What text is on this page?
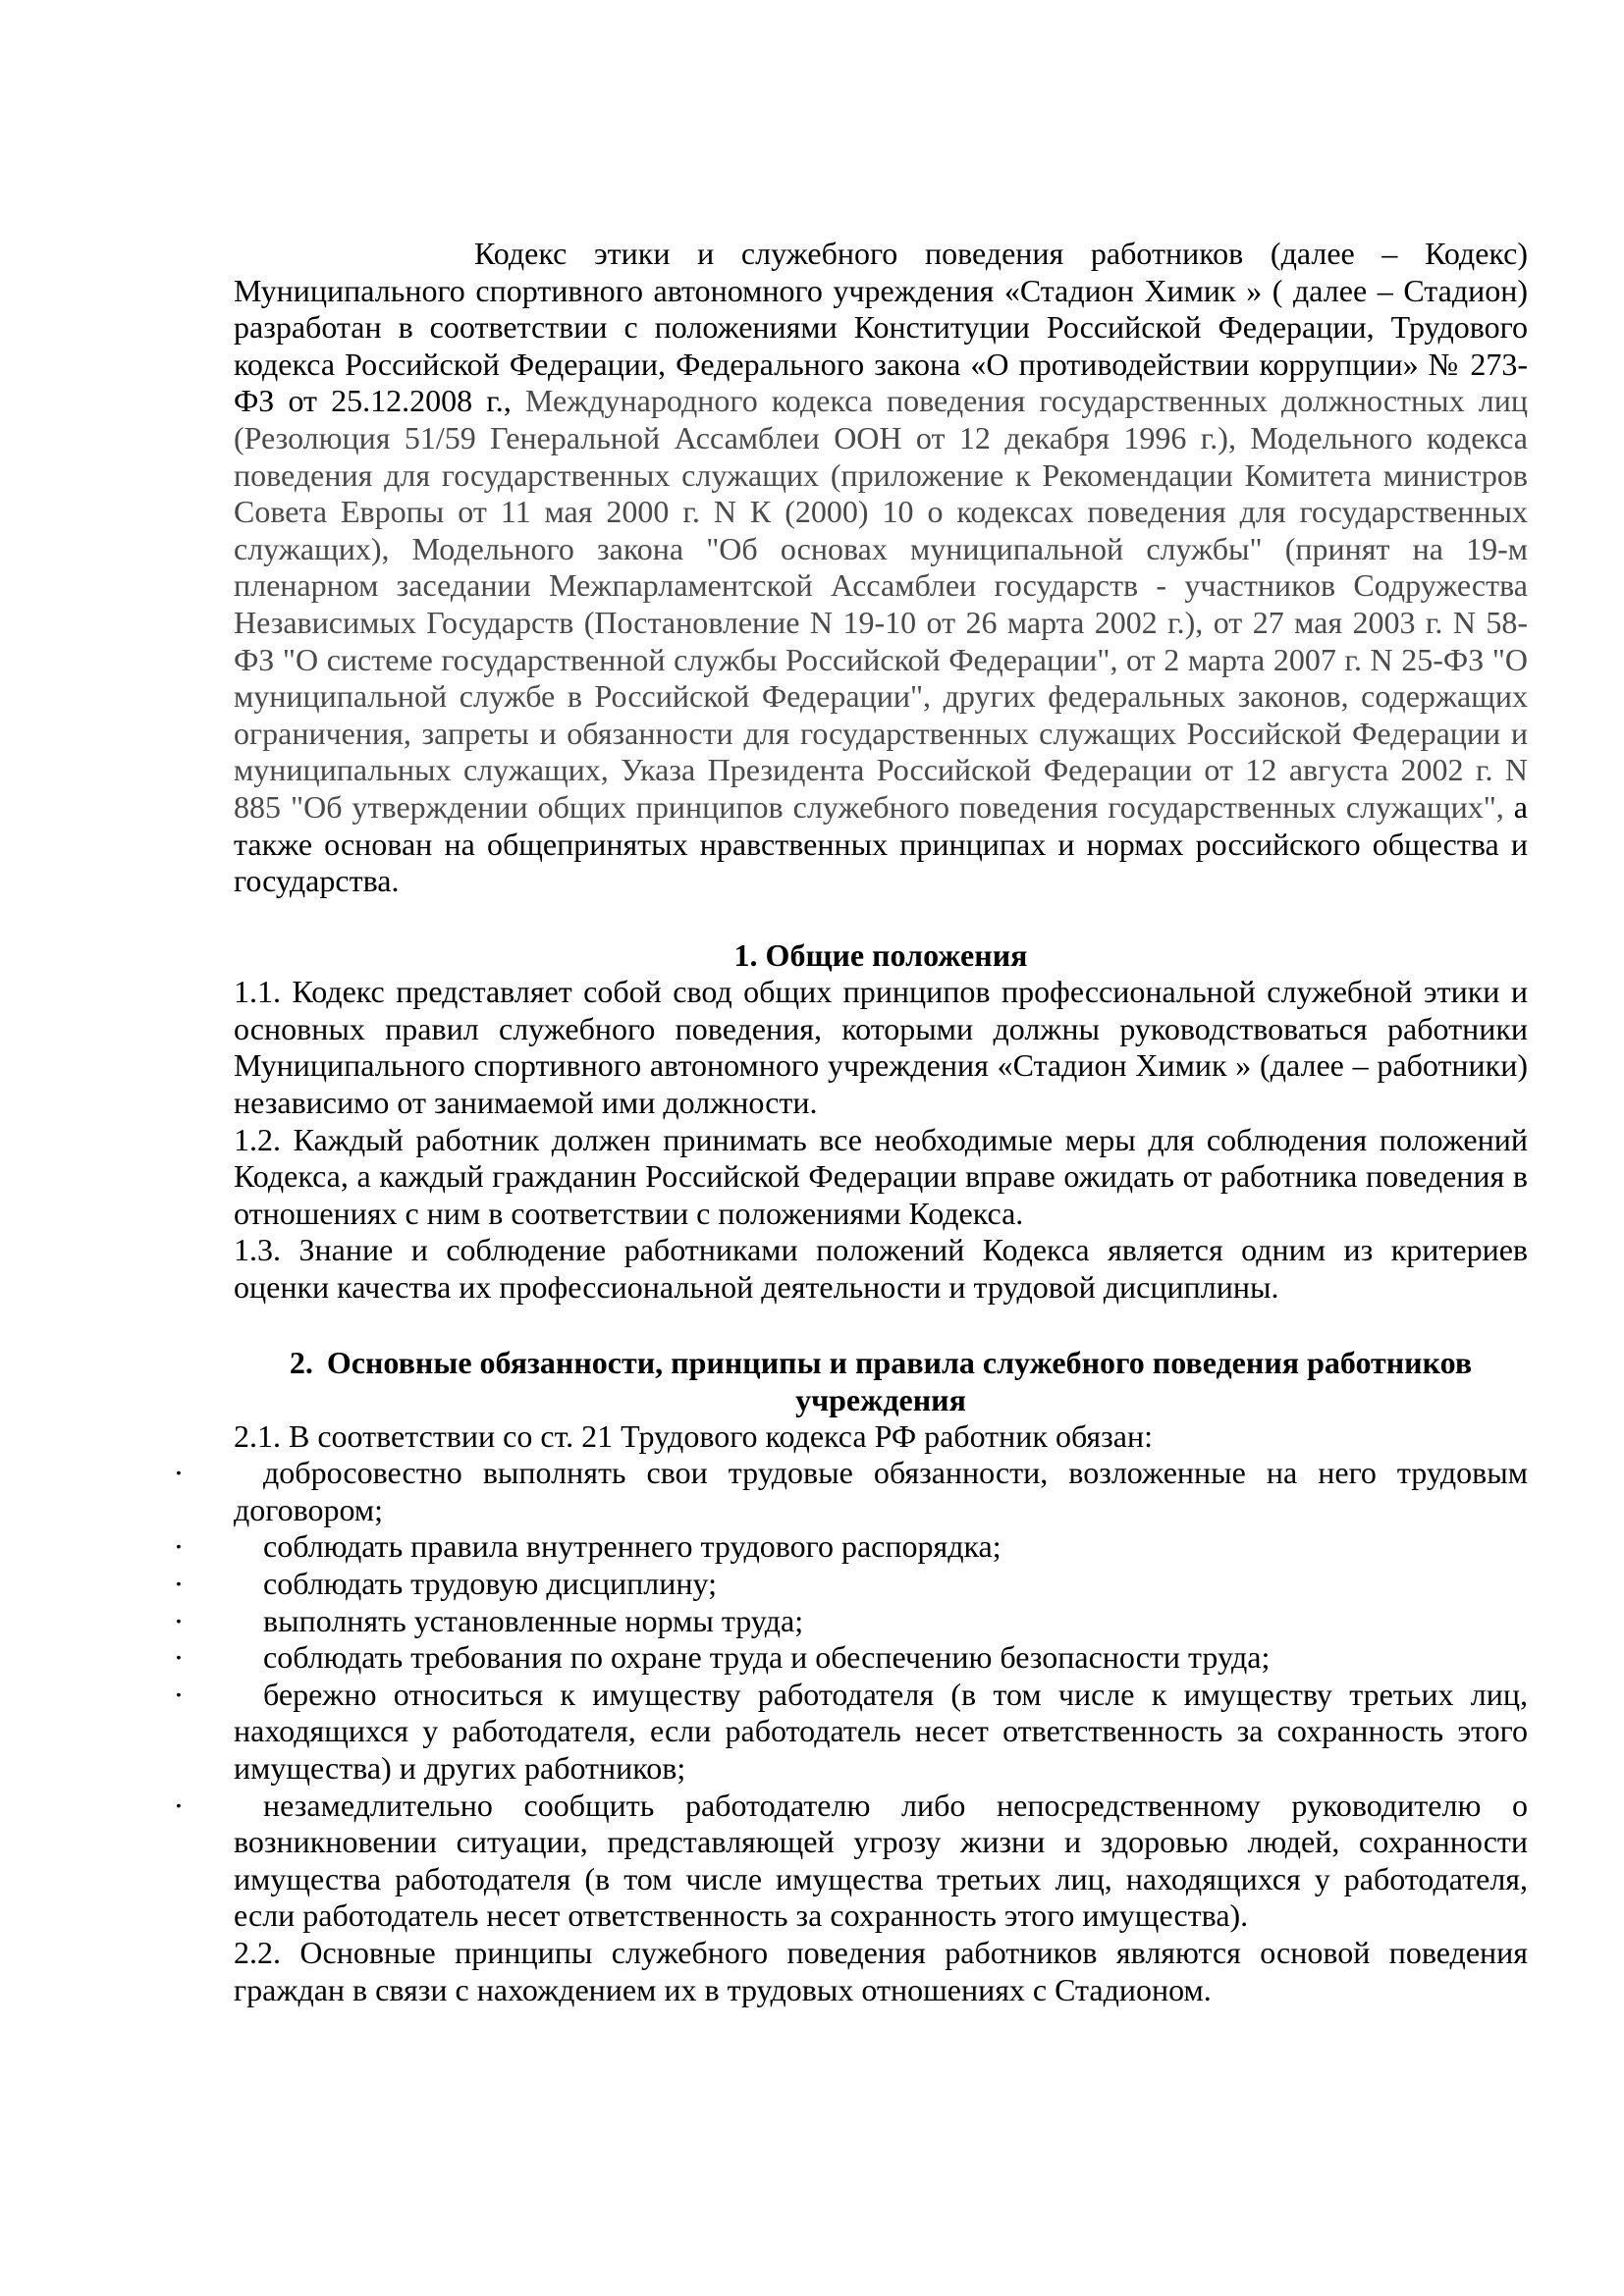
Кодекс этики и служебного поведения работников (далее – Кодекс) Муниципального спортивного автономного учреждения «Стадион Химик » ( далее – Стадион) разработан в соответствии с положениями Конституции Российской Федерации, Трудового кодекса Российской Федерации, Федерального закона «О противодействии коррупции» № 273-ФЗ от 25.12.2008 г., Международного кодекса поведения государственных должностных лиц (Резолюция 51/59 Генеральной Ассамблеи ООН от 12 декабря 1996 г.), Модельного кодекса поведения для государственных служащих (приложение к Рекомендации Комитета министров Совета Европы от 11 мая 2000 г. N К (2000) 10 о кодексах поведения для государственных служащих), Модельного закона "Об основах муниципальной службы" (принят на 19-м пленарном заседании Межпарламентской Ассамблеи государств - участников Содружества Независимых Государств (Постановление N 19-10 от 26 марта 2002 г.), от 27 мая 2003 г. N 58-ФЗ "О системе государственной службы Российской Федерации", от 2 марта 2007 г. N 25-ФЗ "О муниципальной службе в Российской Федерации", других федеральных законов, содержащих ограничения, запреты и обязанности для государственных служащих Российской Федерации и муниципальных служащих, Указа Президента Российской Федерации от 12 августа 2002 г. N 885 "Об утверждении общих принципов служебного поведения государственных служащих", а также основан на общепринятых нравственных принципах и нормах российского общества и государства.

1. Общие положения

1.1. Кодекс представляет собой свод общих принципов профессиональной служебной этики и основных правил служебного поведения, которыми должны руководствоваться работники Муниципального спортивного автономного учреждения «Стадион Химик » (далее – работники) независимо от занимаемой ими должности.

1.2. Каждый работник должен принимать все необходимые меры для соблюдения положений Кодекса, а каждый гражданин Российской Федерации вправе ожидать от работника поведения в отношениях с ним в соответствии с положениями Кодекса.

1.3. Знание и соблюдение работниками положений Кодекса является одним из критериев оценки качества их профессиональной деятельности и трудовой дисциплины.

2. Основные обязанности, принципы и правила служебного поведения работников учреждения

2.1. В соответствии со ст. 21 Трудового кодекса РФ работник обязан:

·	добросовестно выполнять свои трудовые обязанности, возложенные на него трудовым договором;

·	соблюдать правила внутреннего трудового распорядка;

·	соблюдать трудовую дисциплину;

·	выполнять установленные нормы труда;

·	соблюдать требования по охране труда и обеспечению безопасности труда;

·	бережно относиться к имуществу работодателя (в том числе к имуществу третьих лиц, находящихся у работодателя, если работодатель несет ответственность за сохранность этого имущества) и других работников;

·	незамедлительно сообщить работодателю либо непосредственному руководителю о возникновении ситуации, представляющей угрозу жизни и здоровью людей, сохранности имущества работодателя (в том числе имущества третьих лиц, находящихся у работодателя, если работодатель несет ответственность за сохранность этого имущества).

2.2. Основные принципы служебного поведения работников являются основой поведения граждан в связи с нахождением их в трудовых отношениях с Стадионом.
